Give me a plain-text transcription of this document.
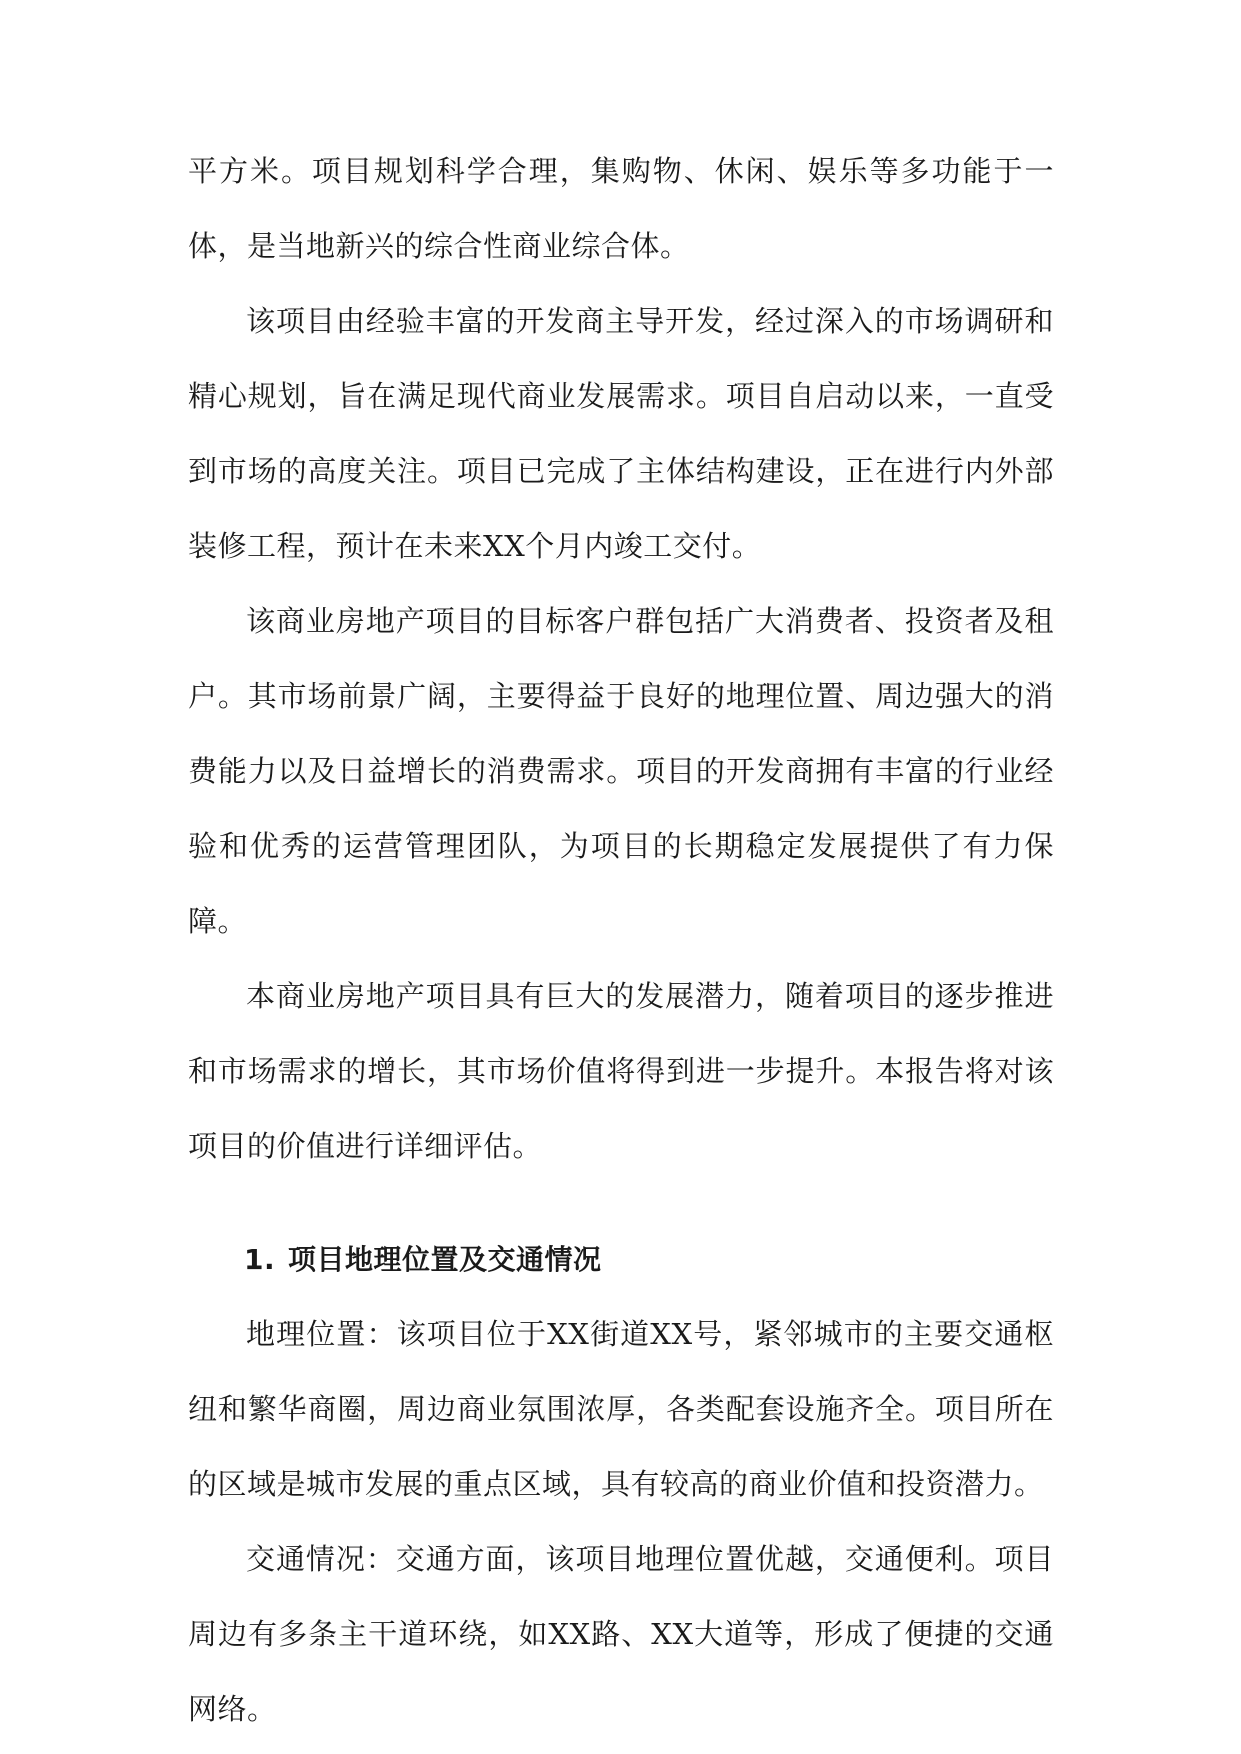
平方米。项目规划科学合理，集购物、休闲、娱乐等多功能于一体，是当地新兴的综合性商业综合体。

该项目由经验丰富的开发商主导开发，经过深入的市场调研和精心规划，旨在满足现代商业发展需求。项目自启动以来，一直受到市场的高度关注。项目已完成了主体结构建设，正在进行内外部装修工程，预计在未来XX个月内竣工交付。

该商业房地产项目的目标客户群包括广大消费者、投资者及租户。其市场前景广阔，主要得益于良好的地理位置、周边强大的消费能力以及日益增长的消费需求。项目的开发商拥有丰富的行业经验和优秀的运营管理团队，为项目的长期稳定发展提供了有力保障。

本商业房地产项目具有巨大的发展潜力，随着项目的逐步推进和市场需求的增长，其市场价值将得到进一步提升。本报告将对该项目的价值进行详细评估。

1. 项目地理位置及交通情况

地理位置：该项目位于XX街道XX号，紧邻城市的主要交通枢纽和繁华商圈，周边商业氛围浓厚，各类配套设施齐全。项目所在的区域是城市发展的重点区域，具有较高的商业价值和投资潜力。

交通情况：交通方面，该项目地理位置优越，交通便利。项目周边有多条主干道环绕，如XX路、XX大道等，形成了便捷的交通网络。
